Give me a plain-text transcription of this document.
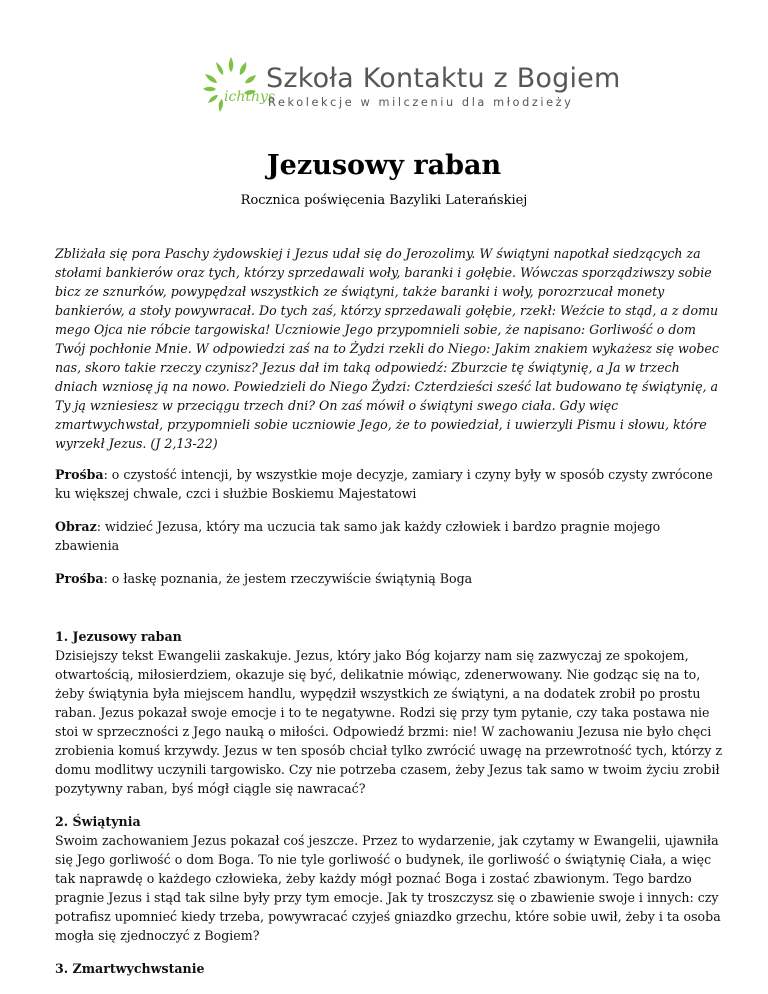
ichthys
Szkoła Kontaktu z Bogiem
Rekolekcje w milczeniu dla młodzieży
Jezusowy raban

Rocznica poświęcenia Bazyliki Laterańskiej

Zbliżała się pora Paschy żydowskiej i Jezus udał się do Jerozolimy. W świątyni napotkał siedzących za stołami bankierów oraz tych, którzy sprzedawali woły, baranki i gołębie. Wówczas sporządziwszy sobie bicz ze sznurków, powypędzał wszystkich ze świątyni, także baranki i woły, porozrzucał monety bankierów, a stoły powywracał. Do tych zaś, którzy sprzedawali gołębie, rzekł: Weźcie to stąd, a z domu mego Ojca nie róbcie targowiska! Uczniowie Jego przypomnieli sobie, że napisano: Gorliwość o dom Twój pochłonie Mnie. W odpowiedzi zaś na to Żydzi rzekli do Niego: Jakim znakiem wykażesz się wobec nas, skoro takie rzeczy czynisz? Jezus dał im taką odpowiedź: Zburzcie tę świątynię, a Ja w trzech dniach wzniosę ją na nowo. Powiedzieli do Niego Żydzi: Czterdzieści sześć lat budowano tę świątynię, a Ty ją wzniesiesz w przeciągu trzech dni? On zaś mówił o świątyni swego ciała. Gdy więc zmartwychwstał, przypomnieli sobie uczniowie Jego, że to powiedział, i uwierzyli Pismu i słowu, które wyrzekł Jezus. (J 2,13-22)

Prośba: o czystość intencji, by wszystkie moje decyzje, zamiary i czyny były w sposób czysty zwrócone ku większej chwale, czci i służbie Boskiemu Majestatowi

Obraz: widzieć Jezusa, który ma uczucia tak samo jak każdy człowiek i bardzo pragnie mojego zbawienia

Prośba: o łaskę poznania, że jestem rzeczywiście świątynią Boga

1. Jezusowy raban

Dzisiejszy tekst Ewangelii zaskakuje. Jezus, który jako Bóg kojarzy nam się zazwyczaj ze spokojem, otwartością, miłosierdziem, okazuje się być, delikatnie mówiąc, zdenerwowany. Nie godząc się na to, żeby świątynia była miejscem handlu, wypędził wszystkich ze świątyni, a na dodatek zrobił po prostu raban. Jezus pokazał swoje emocje i to te negatywne. Rodzi się przy tym pytanie, czy taka postawa nie stoi w sprzeczności z Jego nauką o miłości. Odpowiedź brzmi: nie! W zachowaniu Jezusa nie było chęci zrobienia komuś krzywdy. Jezus w ten sposób chciał tylko zwrócić uwagę na przewrotność tych, którzy z domu modlitwy uczynili targowisko. Czy nie potrzeba czasem, żeby Jezus tak samo w twoim życiu zrobił pozytywny raban, byś mógł ciągle się nawracać?

2. Świątynia

Swoim zachowaniem Jezus pokazał coś jeszcze. Przez to wydarzenie, jak czytamy w Ewangelii, ujawniła się Jego gorliwość o dom Boga. To nie tyle gorliwość o budynek, ile gorliwość o świątynię Ciała, a więc tak naprawdę o każdego człowieka, żeby każdy mógł poznać Boga i zostać zbawionym. Tego bardzo pragnie Jezus i stąd tak silne były przy tym emocje. Jak ty troszczysz się o zbawienie swoje i innych: czy potrafisz upomnieć kiedy trzeba, powywracać czyjeś gniazdko grzechu, które sobie uwił, żeby i ta osoba mogła się zjednoczyć z Bogiem?

3. Zmartwychwstanie
